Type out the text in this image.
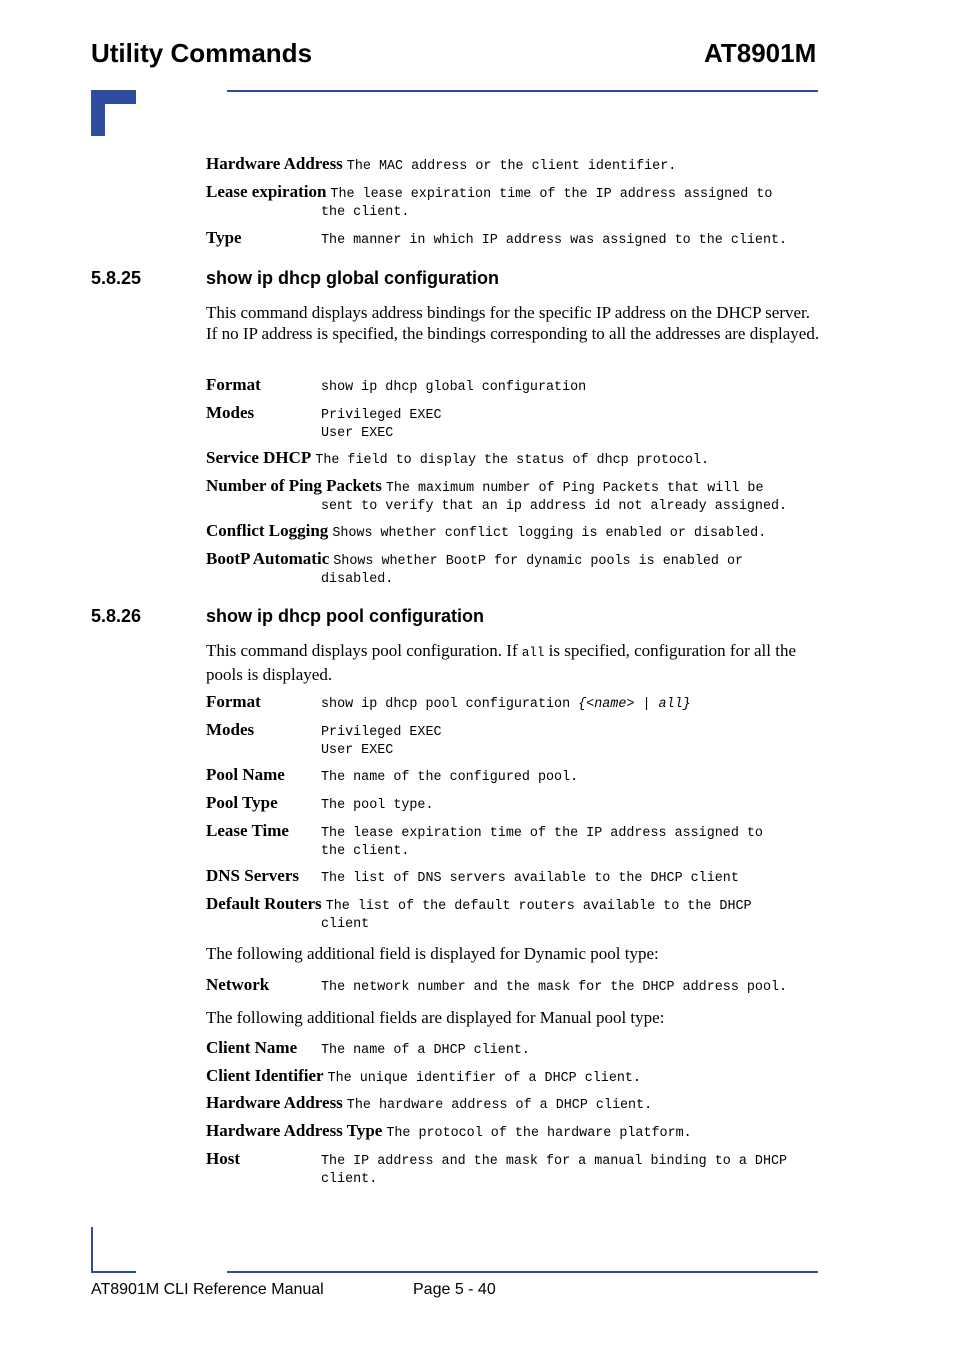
Utility Commands	AT8901M
Hardware Address The MAC address or the client identifier.
Lease expiration The lease expiration time of the IP address assigned to
the client.
Type	The manner in which IP address was assigned to the client.
5.8.25	show ip dhcp global configuration
This command displays address bindings for the specific IP address on the DHCP server. If no IP address is specified, the bindings corresponding to all the addresses are displayed.
Format	show ip dhcp global configuration
Modes	Privileged EXEC
User EXEC
Service DHCP The field to display the status of dhcp protocol.
Number of Ping Packets The maximum number of Ping Packets that will be
sent to verify that an ip address id not already assigned.
Conflict Logging Shows whether conflict logging is enabled or disabled.
BootP Automatic Shows whether BootP for dynamic pools is enabled or
disabled.
5.8.26	show ip dhcp pool configuration
This command displays pool configuration. If all is specified, configuration for all the pools is displayed.
Format	show ip dhcp pool configuration {<name> | all}
Modes	Privileged EXEC
User EXEC
Pool Name	The name of the configured pool.
Pool Type	The pool type.
Lease Time The lease expiration time of the IP address assigned to
the client.
DNS Servers The list of DNS servers available to the DHCP client
Default Routers The list of the default routers available to the DHCP
client
The following additional field is displayed for Dynamic pool type:
Network	The network number and the mask for the DHCP address pool.
The following additional fields are displayed for Manual pool type:
Client Name The name of a DHCP client.
Client Identifier The unique identifier of a DHCP client.
Hardware Address The hardware address of a DHCP client.
Hardware Address Type The protocol of the hardware platform.
Host	The IP address and the mask for a manual binding to a DHCP
client.
AT8901M CLI Reference Manual	Page 5 - 40
